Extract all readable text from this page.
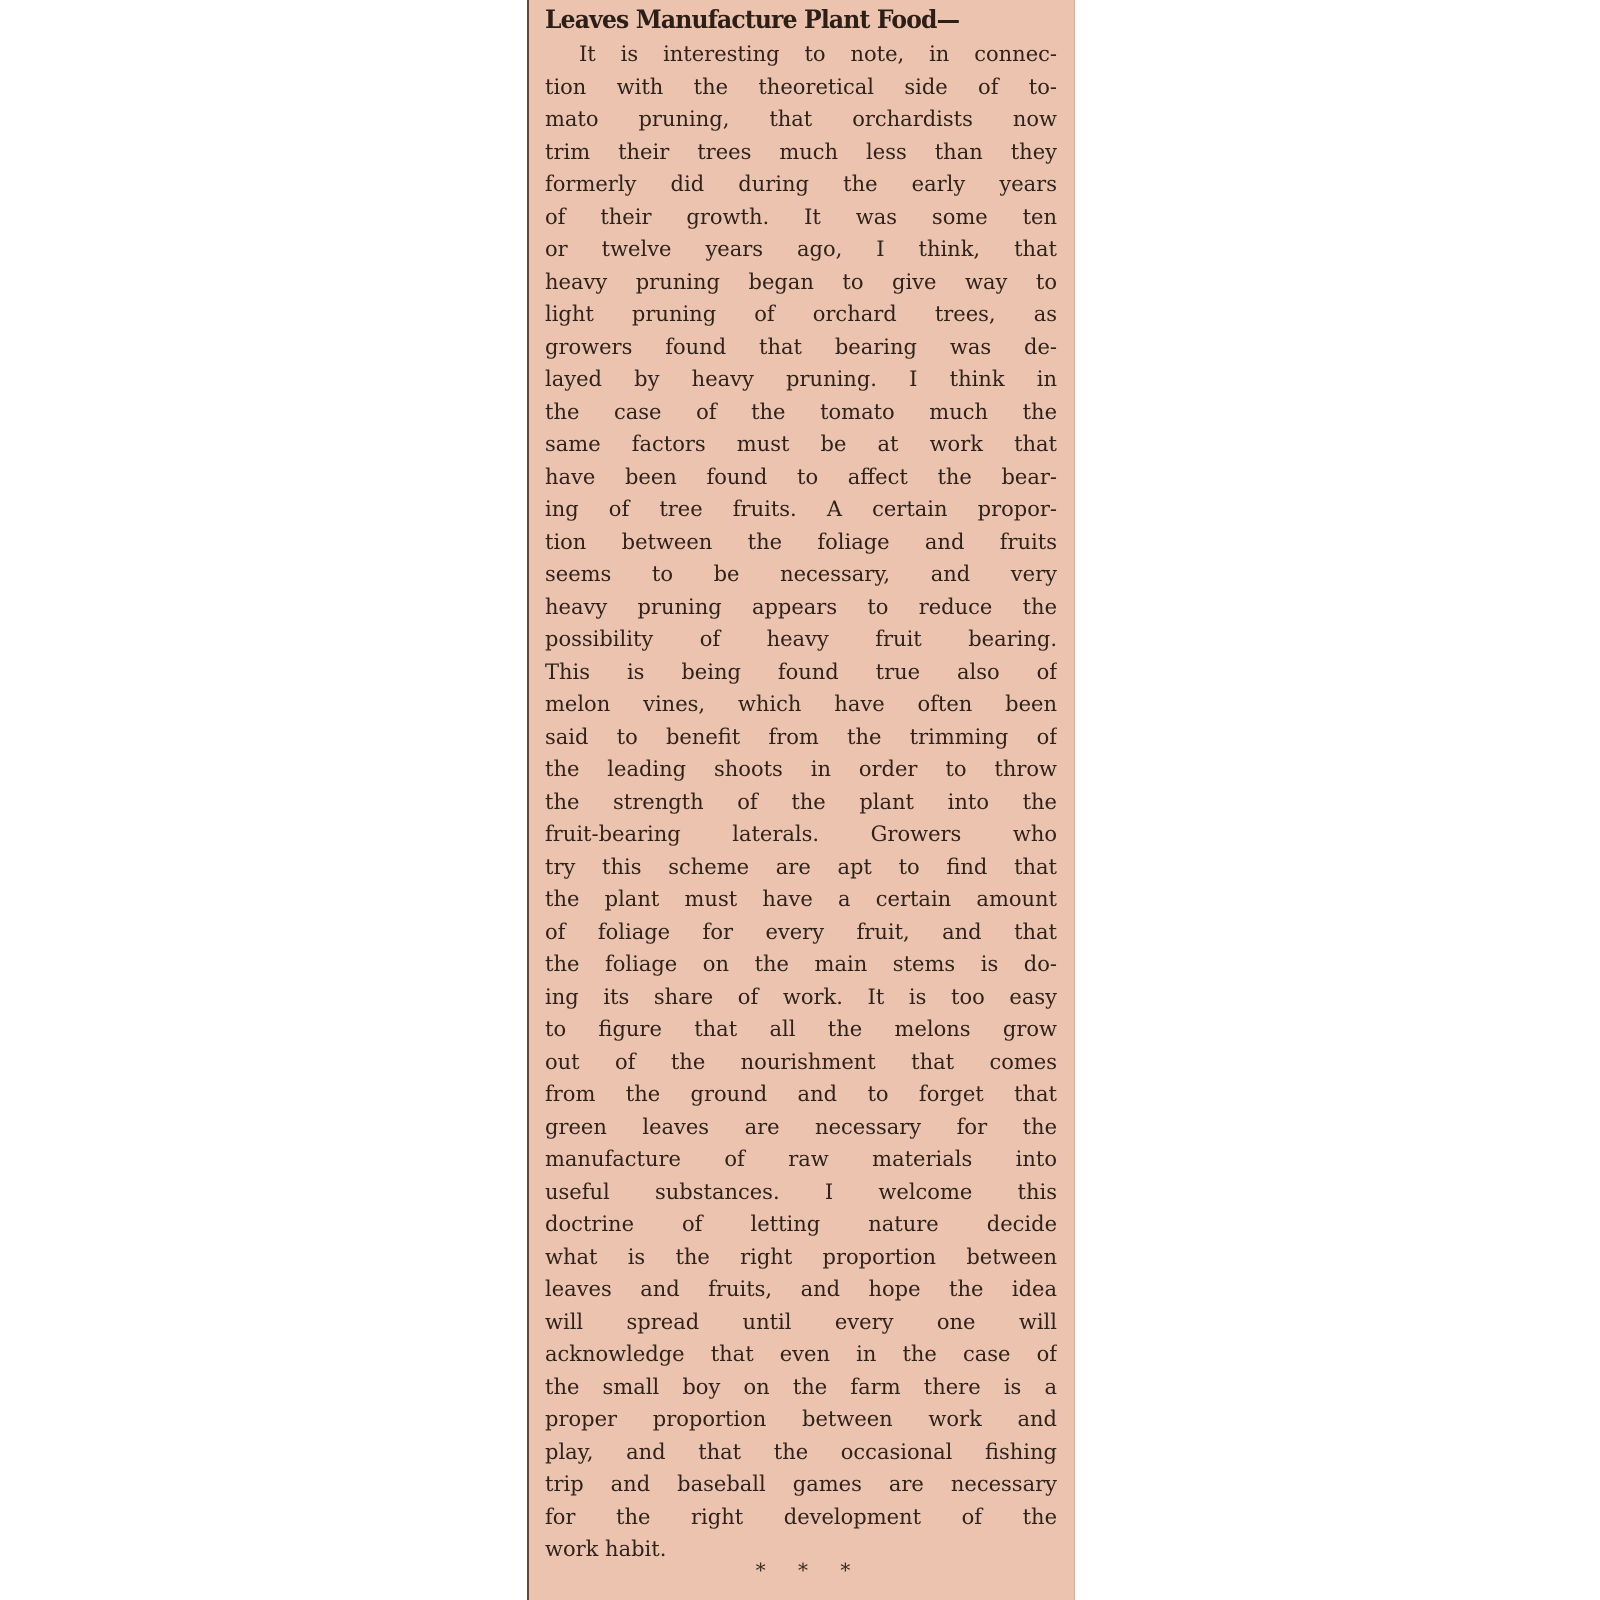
Leaves Manufacture Plant Food—

It is interesting to note, in connec-

tion with the theoretical side of to-

mato pruning, that orchardists now

trim their trees much less than they

formerly did during the early years

of their growth. It was some ten

or twelve years ago, I think, that

heavy pruning began to give way to

light pruning of orchard trees, as

growers found that bearing was de-

layed by heavy pruning. I think in

the case of the tomato much the

same factors must be at work that

have been found to affect the bear-

ing of tree fruits. A certain propor-

tion between the foliage and fruits

seems to be necessary, and very

heavy pruning appears to reduce the

possibility of heavy fruit bearing.

This is being found true also of

melon vines, which have often been

said to benefit from the trimming of

the leading shoots in order to throw

the strength of the plant into the

fruit-bearing laterals. Growers who

try this scheme are apt to find that

the plant must have a certain amount

of foliage for every fruit, and that

the foliage on the main stems is do-

ing its share of work. It is too easy

to figure that all the melons grow

out of the nourishment that comes

from the ground and to forget that

green leaves are necessary for the

manufacture of raw materials into

useful substances. I welcome this

doctrine of letting nature decide

what is the right proportion between

leaves and fruits, and hope the idea

will spread until every one will

acknowledge that even in the case of

the small boy on the farm there is a

proper proportion between work and

play, and that the occasional fishing

trip and baseball games are necessary

for the right development of the

work habit.

* * *
